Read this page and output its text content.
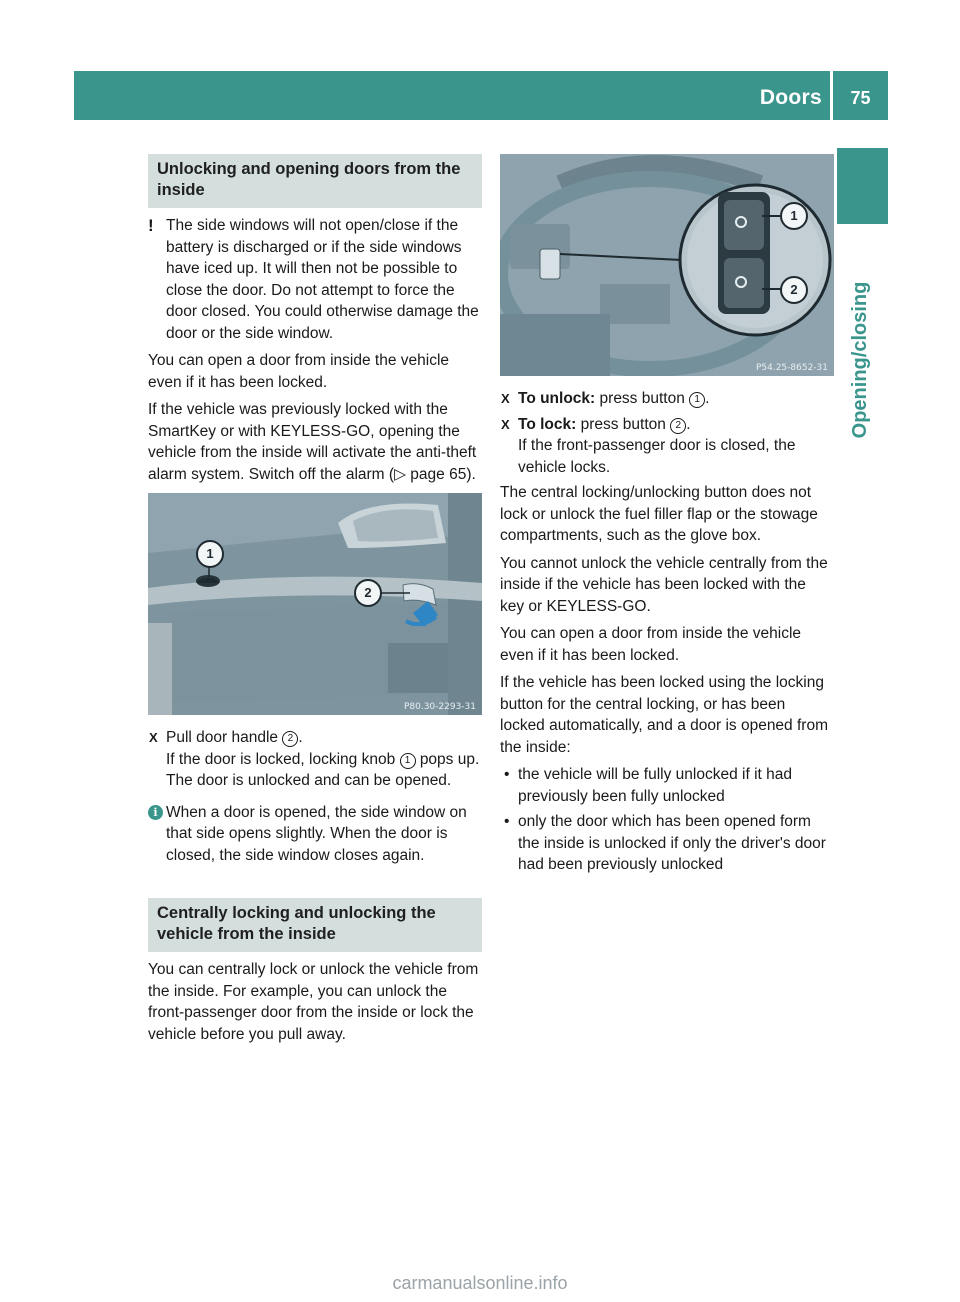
Doors	75
Opening/closing
Unlocking and opening doors from the inside
! The side windows will not open/close if the battery is discharged or if the side windows have iced up. It will then not be possible to close the door. Do not attempt to force the door closed. You could otherwise damage the door or the side window.

You can open a door from inside the vehicle even if it has been locked.

If the vehicle was previously locked with the SmartKey or with KEYLESS-GO, opening the vehicle from the inside will activate the anti-theft alarm system. Switch off the alarm (▷ page 65).

1
2
P80.30-2293-31
X Pull door handle 2 .
If the door is locked, locking knob 1 pops up. The door is unlocked and can be opened.
i When a door is opened, the side window on that side opens slightly. When the door is closed, the side window closes again.
Centrally locking and unlocking the vehicle from the inside

You can centrally lock or unlock the vehicle from the inside. For example, you can unlock the front-passenger door from the inside or lock the vehicle before you pull away.

1
2
P54.25-8652-31
X To unlock: press button 1 .
X To lock: press button 2 .
If the front-passenger door is closed, the vehicle locks.

The central locking/unlocking button does not lock or unlock the fuel filler flap or the stowage compartments, such as the glove box.

You cannot unlock the vehicle centrally from the inside if the vehicle has been locked with the key or KEYLESS-GO.

You can open a door from inside the vehicle even if it has been locked.

If the vehicle has been locked using the locking button for the central locking, or has been locked automatically, and a door is opened from the inside:

• the vehicle will be fully unlocked if it had previously been fully unlocked
• only the door which has been opened form the inside is unlocked if only the driver's door had been previously unlocked
carmanualsonline.info
